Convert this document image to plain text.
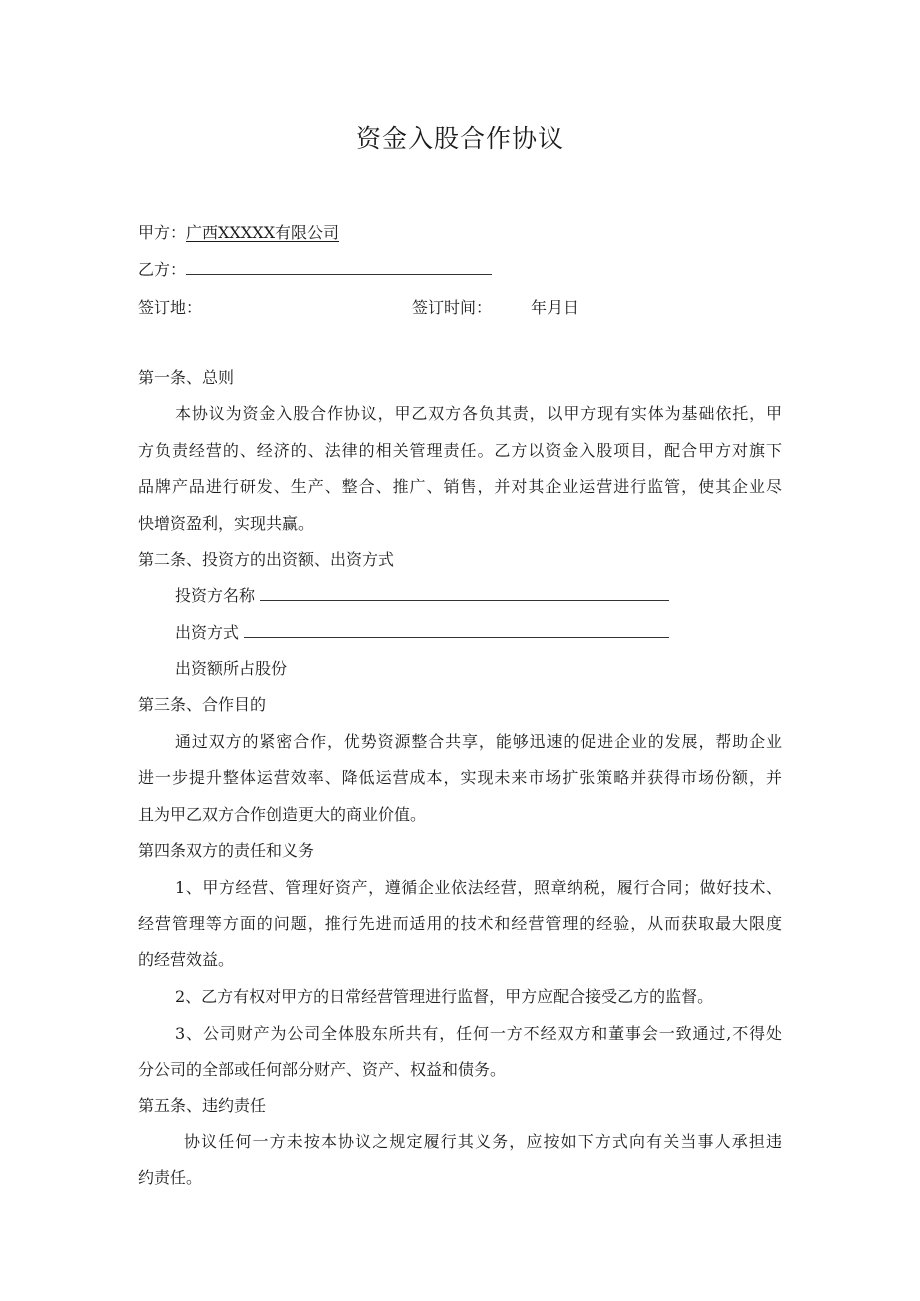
资金入股合作协议
甲方：广西XXXXX有限公司
乙方：
签订地：	签订时间： 年月日
第一条、总则
本协议为资金入股合作协议，甲乙双方各负其责，以甲方现有实体为基础依托，甲
方负责经营的、经济的、法律的相关管理责任。乙方以资金入股项目，配合甲方对旗下
品牌产品进行研发、生产、整合、推广、销售，并对其企业运营进行监管，使其企业尽
快增资盈利，实现共赢。
第二条、投资方的出资额、出资方式
投资方名称
出资方式
出资额所占股份
第三条、合作目的
通过双方的紧密合作，优势资源整合共享，能够迅速的促进企业的发展，帮助企业
进一步提升整体运营效率、降低运营成本，实现未来市场扩张策略并获得市场份额，并
且为甲乙双方合作创造更大的商业价值。
第四条双方的责任和义务
1、甲方经营、管理好资产，遵循企业依法经营，照章纳税，履行合同；做好技术、
经营管理等方面的问题，推行先进而适用的技术和经营管理的经验，从而获取最大限度
的经营效益。
2、乙方有权对甲方的日常经营管理进行监督，甲方应配合接受乙方的监督。
3、公司财产为公司全体股东所共有，任何一方不经双方和董事会一致通过,不得处
分公司的全部或任何部分财产、资产、权益和债务。
第五条、违约责任
协议任何一方未按本协议之规定履行其义务，应按如下方式向有关当事人承担违
约责任。
